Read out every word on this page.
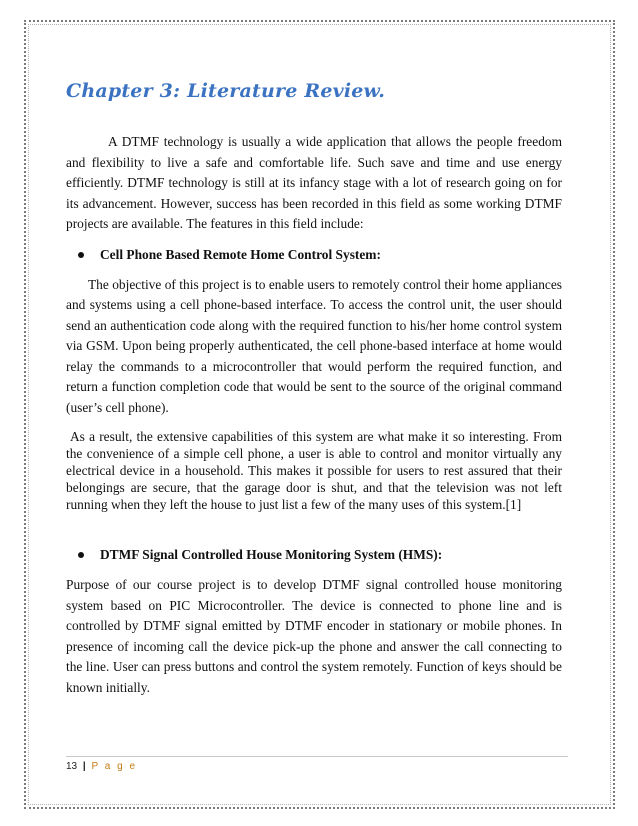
Chapter 3: Literature Review.

A DTMF technology is usually a wide application that allows the people freedom and flexibility to live a safe and comfortable life. Such save and time and use energy efficiently. DTMF technology is still at its infancy stage with a lot of research going on for its advancement. However, success has been recorded in this field as some working DTMF projects are available. The features in this field include:

Cell Phone Based Remote Home Control System:

The objective of this project is to enable users to remotely control their home appliances and systems using a cell phone-based interface. To access the control unit, the user should send an authentication code along with the required function to his/her home control system via GSM. Upon being properly authenticated, the cell phone-based interface at home would relay the commands to a microcontroller that would perform the required function, and return a function completion code that would be sent to the source of the original command (user’s cell phone).

As a result, the extensive capabilities of this system are what make it so interesting. From the convenience of a simple cell phone, a user is able to control and monitor virtually any electrical device in a household. This makes it possible for users to rest assured that their belongings are secure, that the garage door is shut, and that the television was not left running when they left the house to just list a few of the many uses of this system.[1]

DTMF Signal Controlled House Monitoring System (HMS):

Purpose of our course project is to develop DTMF signal controlled house monitoring system based on PIC Microcontroller. The device is connected to phone line and is controlled by DTMF signal emitted by DTMF encoder in stationary or mobile phones. In presence of incoming call the device pick-up the phone and answer the call connecting to the line. User can press buttons and control the system remotely. Function of keys should be known initially.

13 | P a g e
